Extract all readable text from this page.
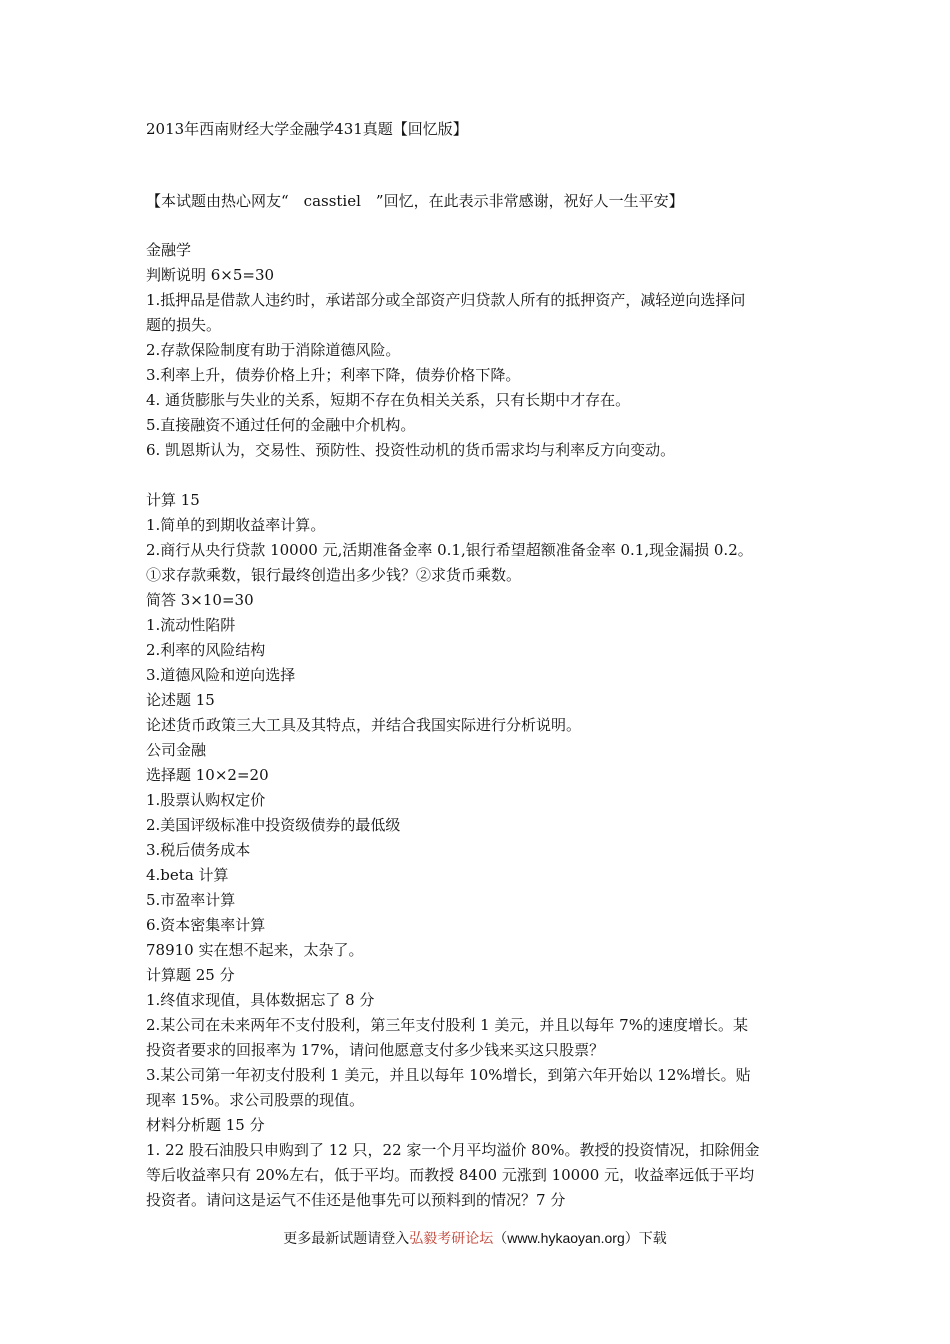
2013年西南财经大学金融学431真题【回忆版】
【本试题由热心网友“　casstiel　”回忆，在此表示非常感谢，祝好人一生平安】

金融学

判断说明 6×5=30

1.抵押品是借款人违约时，承诺部分或全部资产归贷款人所有的抵押资产，减轻逆向选择问

题的损失。

2.存款保险制度有助于消除道德风险。

3.利率上升，债券价格上升；利率下降，债券价格下降。

4. 通货膨胀与失业的关系，短期不存在负相关关系，只有长期中才存在。

5.直接融资不通过任何的金融中介机构。

6. 凯恩斯认为，交易性、预防性、投资性动机的货币需求均与利率反方向变动。

计算 15

1.简单的到期收益率计算。

2.商行从央行贷款 10000 元,活期准备金率 0.1,银行希望超额准备金率 0.1,现金漏损 0.2。

①求存款乘数，银行最终创造出多少钱？②求货币乘数。

简答 3×10=30

1.流动性陷阱

2.利率的风险结构

3.道德风险和逆向选择

论述题 15

论述货币政策三大工具及其特点，并结合我国实际进行分析说明。

公司金融

选择题 10×2=20

1.股票认购权定价

2.美国评级标准中投资级债券的最低级

3.税后债务成本

4.beta 计算

5.市盈率计算

6.资本密集率计算

78910 实在想不起来，太杂了。

计算题 25 分

1.终值求现值，具体数据忘了 8 分

2.某公司在未来两年不支付股利，第三年支付股利 1 美元，并且以每年 7%的速度增长。某

投资者要求的回报率为 17%，请问他愿意支付多少钱来买这只股票？

3.某公司第一年初支付股利 1 美元，并且以每年 10%增长，到第六年开始以 12%增长。贴

现率 15%。求公司股票的现值。

材料分析题 15 分

1. 22 股石油股只申购到了 12 只，22 家一个月平均溢价 80%。教授的投资情况，扣除佣金

等后收益率只有 20%左右，低于平均。而教授 8400 元涨到 10000 元，收益率远低于平均

投资者。请问这是运气不佳还是他事先可以预料到的情况？7 分

更多最新试题请登入弘毅考研论坛（www.hykaoyan.org）下载
